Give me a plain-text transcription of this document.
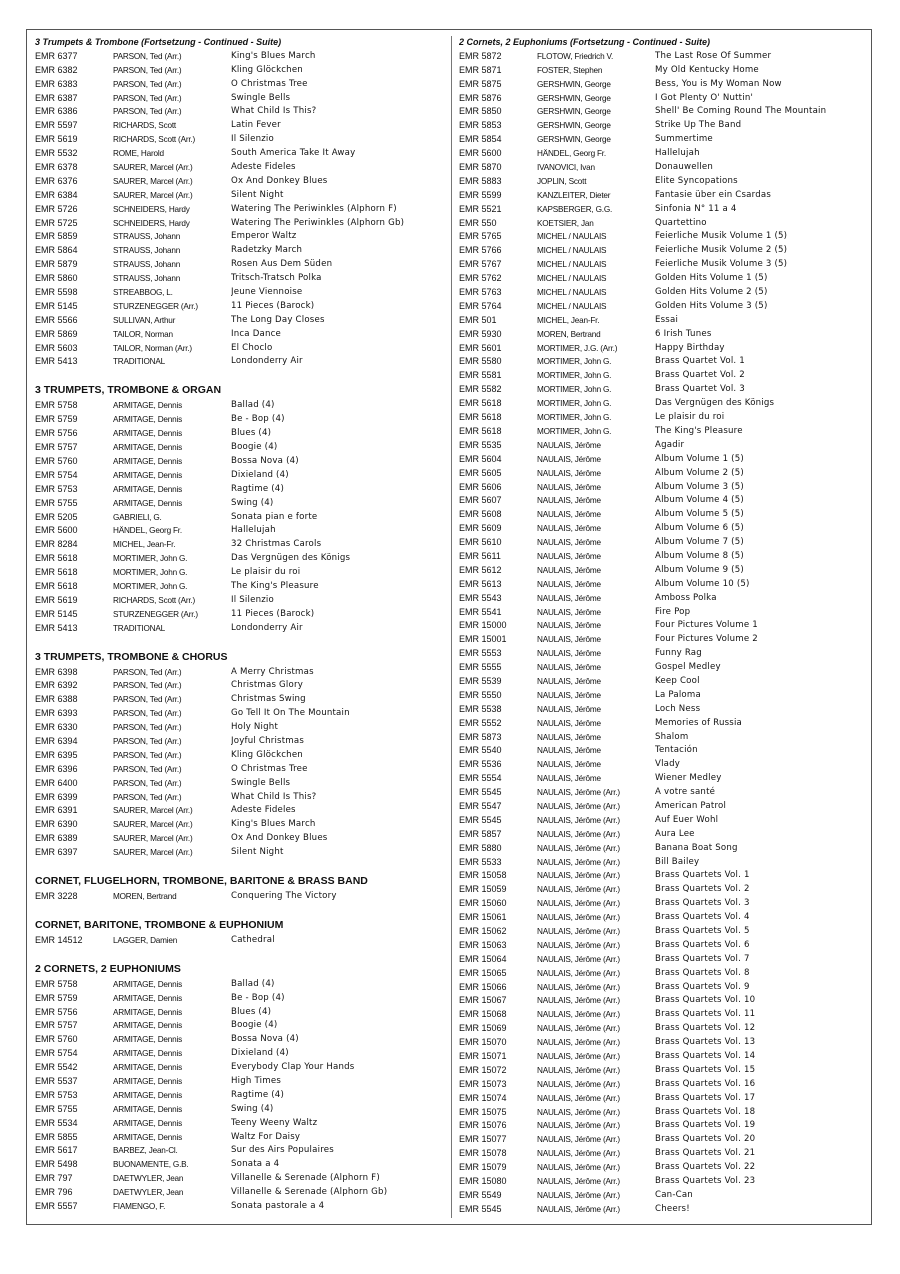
3 Trumpets & Trombone (Fortsetzung - Continued - Suite)
EMR 6377	PARSON, Ted (Arr.)	King's Blues March
EMR 6382	PARSON, Ted (Arr.)	Kling Glöckchen
EMR 6383	PARSON, Ted (Arr.)	O Christmas Tree
EMR 6387	PARSON, Ted (Arr.)	Swingle Bells
EMR 6386	PARSON, Ted (Arr.)	What Child Is This?
EMR 5597	RICHARDS, Scott	Latin Fever
EMR 5619	RICHARDS, Scott (Arr.)	Il Silenzio
EMR 5532	ROME, Harold	South America Take It Away
EMR 6378	SAURER, Marcel (Arr.)	Adeste Fideles
EMR 6376	SAURER, Marcel (Arr.)	Ox And Donkey Blues
EMR 6384	SAURER, Marcel (Arr.)	Silent Night
EMR 5726	SCHNEIDERS, Hardy	Watering The Periwinkles (Alphorn F)
EMR 5725	SCHNEIDERS, Hardy	Watering The Periwinkles (Alphorn Gb)
EMR 5859	STRAUSS, Johann	Emperor Waltz
EMR 5864	STRAUSS, Johann	Radetzky March
EMR 5879	STRAUSS, Johann	Rosen Aus Dem Süden
EMR 5860	STRAUSS, Johann	Tritsch-Tratsch Polka
EMR 5598	STREABBOG, L.	Jeune Viennoise
EMR 5145	STURZENEGGER (Arr.)	11 Pieces (Barock)
EMR 5566	SULLIVAN, Arthur	The Long Day Closes
EMR 5869	TAILOR, Norman	Inca Dance
EMR 5603	TAILOR, Norman (Arr.)	El Choclo
EMR 5413	TRADITIONAL	Londonderry Air
3 TRUMPETS, TROMBONE & ORGAN
EMR 5758	ARMITAGE, Dennis	Ballad (4)
EMR 5759	ARMITAGE, Dennis	Be - Bop (4)
EMR 5756	ARMITAGE, Dennis	Blues (4)
EMR 5757	ARMITAGE, Dennis	Boogie (4)
EMR 5760	ARMITAGE, Dennis	Bossa Nova (4)
EMR 5754	ARMITAGE, Dennis	Dixieland (4)
EMR 5753	ARMITAGE, Dennis	Ragtime (4)
EMR 5755	ARMITAGE, Dennis	Swing (4)
EMR 5205	GABRIELI, G.	Sonata pian e forte
EMR 5600	HÄNDEL, Georg Fr.	Hallelujah
EMR 8284	MICHEL, Jean-Fr.	32 Christmas Carols
EMR 5618	MORTIMER, John G.	Das Vergnügen des Königs
EMR 5618	MORTIMER, John G.	Le plaisir du roi
EMR 5618	MORTIMER, John G.	The King's Pleasure
EMR 5619	RICHARDS, Scott (Arr.)	Il Silenzio
EMR 5145	STURZENEGGER (Arr.)	11 Pieces (Barock)
EMR 5413	TRADITIONAL	Londonderry Air
3 TRUMPETS, TROMBONE & CHORUS
EMR 6398	PARSON, Ted (Arr.)	A Merry Christmas
EMR 6392	PARSON, Ted (Arr.)	Christmas Glory
EMR 6388	PARSON, Ted (Arr.)	Christmas Swing
EMR 6393	PARSON, Ted (Arr.)	Go Tell It On The Mountain
EMR 6330	PARSON, Ted (Arr.)	Holy Night
EMR 6394	PARSON, Ted (Arr.)	Joyful Christmas
EMR 6395	PARSON, Ted (Arr.)	Kling Glöckchen
EMR 6396	PARSON, Ted (Arr.)	O Christmas Tree
EMR 6400	PARSON, Ted (Arr.)	Swingle Bells
EMR 6399	PARSON, Ted (Arr.)	What Child Is This?
EMR 6391	SAURER, Marcel (Arr.)	Adeste Fideles
EMR 6390	SAURER, Marcel (Arr.)	King's Blues March
EMR 6389	SAURER, Marcel (Arr.)	Ox And Donkey Blues
EMR 6397	SAURER, Marcel (Arr.)	Silent Night
CORNET, FLUGELHORN, TROMBONE, BARITONE & BRASS BAND
EMR 3228	MOREN, Bertrand	Conquering The Victory
CORNET, BARITONE, TROMBONE & EUPHONIUM
EMR 14512	LAGGER, Damien	Cathedral
2 CORNETS, 2 EUPHONIUMS
EMR 5758	ARMITAGE, Dennis	Ballad (4)
EMR 5759	ARMITAGE, Dennis	Be - Bop (4)
EMR 5756	ARMITAGE, Dennis	Blues (4)
EMR 5757	ARMITAGE, Dennis	Boogie (4)
EMR 5760	ARMITAGE, Dennis	Bossa Nova (4)
EMR 5754	ARMITAGE, Dennis	Dixieland (4)
EMR 5542	ARMITAGE, Dennis	Everybody Clap Your Hands
EMR 5537	ARMITAGE, Dennis	High Times
EMR 5753	ARMITAGE, Dennis	Ragtime (4)
EMR 5755	ARMITAGE, Dennis	Swing (4)
EMR 5534	ARMITAGE, Dennis	Teeny Weeny Waltz
EMR 5855	ARMITAGE, Dennis	Waltz For Daisy
EMR 5617	BARBEZ, Jean-Cl.	Sur des Airs Populaires
EMR 5498	BUONAMENTE, G.B.	Sonata a 4
EMR 797	DAETWYLER, Jean	Villanelle & Serenade (Alphorn F)
EMR 796	DAETWYLER, Jean	Villanelle & Serenade (Alphorn Gb)
EMR 5557	FIAMENGO, F.	Sonata pastorale a 4
2 Cornets, 2 Euphoniums (Fortsetzung - Continued - Suite)
EMR 5872	FLOTOW, Friedrich V.	The Last Rose Of Summer
EMR 5871	FOSTER, Stephen	My Old Kentucky Home
EMR 5875	GERSHWIN, George	Bess, You is My Woman Now
EMR 5876	GERSHWIN, George	I Got Plenty O' Nuttin'
EMR 5850	GERSHWIN, George	Shell' Be Coming Round The Mountain
EMR 5853	GERSHWIN, George	Strike Up The Band
EMR 5854	GERSHWIN, George	Summertime
EMR 5600	HÄNDEL, Georg Fr.	Hallelujah
EMR 5870	IVANOVICI, Ivan	Donauwellen
EMR 5883	JOPLIN, Scott	Elite Syncopations
EMR 5599	KANZLEITER, Dieter	Fantasie über ein Csardas
EMR 5521	KAPSBERGER, G.G.	Sinfonia N° 11 a 4
EMR 550	KOETSIER, Jan	Quartettino
EMR 5765	MICHEL / NAULAIS	Feierliche Musik Volume 1 (5)
EMR 5766	MICHEL / NAULAIS	Feierliche Musik Volume 2 (5)
EMR 5767	MICHEL / NAULAIS	Feierliche Musik Volume 3 (5)
EMR 5762	MICHEL / NAULAIS	Golden Hits Volume 1 (5)
EMR 5763	MICHEL / NAULAIS	Golden Hits Volume 2 (5)
EMR 5764	MICHEL / NAULAIS	Golden Hits Volume 3 (5)
EMR 501	MICHEL, Jean-Fr.	Essai
EMR 5930	MOREN, Bertrand	6 Irish Tunes
EMR 5601	MORTIMER, J.G. (Arr.)	Happy Birthday
EMR 5580	MORTIMER, John G.	Brass Quartet Vol. 1
EMR 5581	MORTIMER, John G.	Brass Quartet Vol. 2
EMR 5582	MORTIMER, John G.	Brass Quartet Vol. 3
EMR 5618	MORTIMER, John G.	Das Vergnügen des Königs
EMR 5618	MORTIMER, John G.	Le plaisir du roi
EMR 5618	MORTIMER, John G.	The King's Pleasure
EMR 5535	NAULAIS, Jérôme	Agadir
EMR 5604	NAULAIS, Jérôme	Album Volume 1 (5)
EMR 5605	NAULAIS, Jérôme	Album Volume 2 (5)
EMR 5606	NAULAIS, Jérôme	Album Volume 3 (5)
EMR 5607	NAULAIS, Jérôme	Album Volume 4 (5)
EMR 5608	NAULAIS, Jérôme	Album Volume 5 (5)
EMR 5609	NAULAIS, Jérôme	Album Volume 6 (5)
EMR 5610	NAULAIS, Jérôme	Album Volume 7 (5)
EMR 5611	NAULAIS, Jérôme	Album Volume 8 (5)
EMR 5612	NAULAIS, Jérôme	Album Volume 9 (5)
EMR 5613	NAULAIS, Jérôme	Album Volume 10 (5)
EMR 5543	NAULAIS, Jérôme	Amboss Polka
EMR 5541	NAULAIS, Jérôme	Fire Pop
EMR 15000	NAULAIS, Jérôme	Four Pictures Volume 1
EMR 15001	NAULAIS, Jérôme	Four Pictures Volume 2
EMR 5553	NAULAIS, Jérôme	Funny Rag
EMR 5555	NAULAIS, Jérôme	Gospel Medley
EMR 5539	NAULAIS, Jérôme	Keep Cool
EMR 5550	NAULAIS, Jérôme	La Paloma
EMR 5538	NAULAIS, Jérôme	Loch Ness
EMR 5552	NAULAIS, Jérôme	Memories of Russia
EMR 5873	NAULAIS, Jérôme	Shalom
EMR 5540	NAULAIS, Jérôme	Tentación
EMR 5536	NAULAIS, Jérôme	Vlady
EMR 5554	NAULAIS, Jérôme	Wiener Medley
EMR 5545	NAULAIS, Jérôme (Arr.)	A votre santé
EMR 5547	NAULAIS, Jérôme (Arr.)	American Patrol
EMR 5545	NAULAIS, Jérôme (Arr.)	Auf Euer Wohl
EMR 5857	NAULAIS, Jérôme (Arr.)	Aura Lee
EMR 5880	NAULAIS, Jérôme (Arr.)	Banana Boat Song
EMR 5533	NAULAIS, Jérôme (Arr.)	Bill Bailey
EMR 15058	NAULAIS, Jérôme (Arr.)	Brass Quartets Vol. 1
EMR 15059	NAULAIS, Jérôme (Arr.)	Brass Quartets Vol. 2
EMR 15060	NAULAIS, Jérôme (Arr.)	Brass Quartets Vol. 3
EMR 15061	NAULAIS, Jérôme (Arr.)	Brass Quartets Vol. 4
EMR 15062	NAULAIS, Jérôme (Arr.)	Brass Quartets Vol. 5
EMR 15063	NAULAIS, Jérôme (Arr.)	Brass Quartets Vol. 6
EMR 15064	NAULAIS, Jérôme (Arr.)	Brass Quartets Vol. 7
EMR 15065	NAULAIS, Jérôme (Arr.)	Brass Quartets Vol. 8
EMR 15066	NAULAIS, Jérôme (Arr.)	Brass Quartets Vol. 9
EMR 15067	NAULAIS, Jérôme (Arr.)	Brass Quartets Vol. 10
EMR 15068	NAULAIS, Jérôme (Arr.)	Brass Quartets Vol. 11
EMR 15069	NAULAIS, Jérôme (Arr.)	Brass Quartets Vol. 12
EMR 15070	NAULAIS, Jérôme (Arr.)	Brass Quartets Vol. 13
EMR 15071	NAULAIS, Jérôme (Arr.)	Brass Quartets Vol. 14
EMR 15072	NAULAIS, Jérôme (Arr.)	Brass Quartets Vol. 15
EMR 15073	NAULAIS, Jérôme (Arr.)	Brass Quartets Vol. 16
EMR 15074	NAULAIS, Jérôme (Arr.)	Brass Quartets Vol. 17
EMR 15075	NAULAIS, Jérôme (Arr.)	Brass Quartets Vol. 18
EMR 15076	NAULAIS, Jérôme (Arr.)	Brass Quartets Vol. 19
EMR 15077	NAULAIS, Jérôme (Arr.)	Brass Quartets Vol. 20
EMR 15078	NAULAIS, Jérôme (Arr.)	Brass Quartets Vol. 21
EMR 15079	NAULAIS, Jérôme (Arr.)	Brass Quartets Vol. 22
EMR 15080	NAULAIS, Jérôme (Arr.)	Brass Quartets Vol. 23
EMR 5549	NAULAIS, Jérôme (Arr.)	Can-Can
EMR 5545	NAULAIS, Jérôme (Arr.)	Cheers!
